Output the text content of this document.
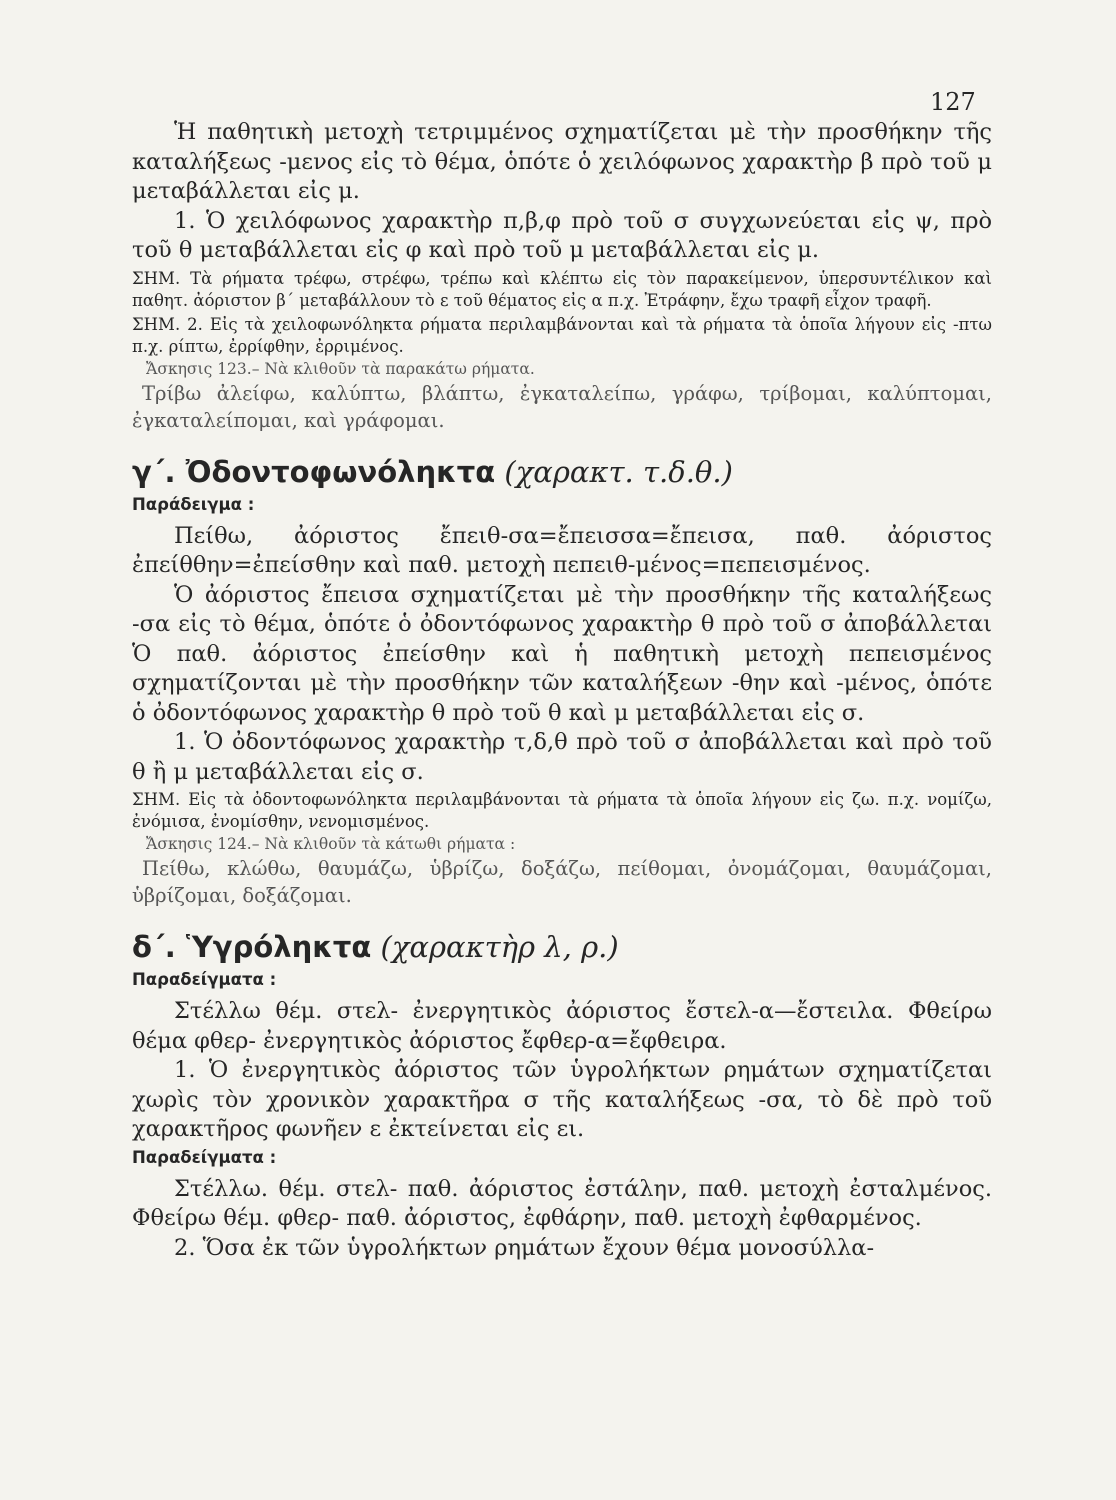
127

Ἡ παθητικὴ μετοχὴ τετριμμένος σχηματίζεται μὲ τὴν προσθήκην τῆς καταλήξεως -μενος εἰς τὸ θέμα, ὁπότε ὁ χειλόφωνος χαρακτὴρ β πρὸ τοῦ μ μεταβάλλεται εἰς μ.

1. Ὁ χειλόφωνος χαρακτὴρ π,β,φ πρὸ τοῦ σ συγχωνεύεται εἰς ψ, πρὸ τοῦ θ μεταβάλλεται εἰς φ καὶ πρὸ τοῦ μ μεταβάλλεται εἰς μ.

ΣΗΜ. Τὰ ρήματα τρέφω, στρέφω, τρέπω καὶ κλέπτω εἰς τὸν παρακείμενον, ὑπερσυντέλικον καὶ παθητ. ἀόριστον β΄ μεταβάλλουν τὸ ε τοῦ θέματος εἰς α π.χ. Ἐτράφην, ἔχω τραφῆ εἶχον τραφῆ.

ΣΗΜ. 2. Εἰς τὰ χειλοφωνόληκτα ρήματα περιλαμβάνονται καὶ τὰ ρήματα τὰ ὁποῖα λήγουν εἰς -πτω π.χ. ρίπτω, ἐρρίφθην, ἐρριμένος.

Ἄσκησις 123.– Νὰ κλιθοῦν τὰ παρακάτω ρήματα.

Τρίβω ἀλείφω, καλύπτω, βλάπτω, ἐγκαταλείπω, γράφω, τρίβομαι, καλύπτομαι, ἐγκαταλείπομαι, καὶ γράφομαι.

γ΄. Ὀδοντοφωνόληκτα (χαρακτ. τ.δ.θ.)
Παράδειγμα :

Πείθω, ἀόριστος ἔπειθ-σα=ἔπεισσα=ἔπεισα, παθ. ἀόριστος ἐπείθθην=ἐπείσθην καὶ παθ. μετοχὴ πεπειθ-μένος=πεπεισμένος.

Ὁ ἀόριστος ἔπεισα σχηματίζεται μὲ τὴν προσθήκην τῆς καταλήξεως -σα εἰς τὸ θέμα, ὁπότε ὁ ὀδοντόφωνος χαρακτὴρ θ πρὸ τοῦ σ ἀποβάλλεται Ὁ παθ. ἀόριστος ἐπείσθην καὶ ἡ παθητικὴ μετοχὴ πεπεισμένος σχηματίζονται μὲ τὴν προσθήκην τῶν καταλήξεων -θην καὶ -μένος, ὁπότε ὁ ὀδοντόφωνος χαρακτὴρ θ πρὸ τοῦ θ καὶ μ μεταβάλλεται εἰς σ.

1. Ὁ ὀδοντόφωνος χαρακτὴρ τ,δ,θ πρὸ τοῦ σ ἀποβάλλεται καὶ πρὸ τοῦ θ ἢ μ μεταβάλλεται εἰς σ.

ΣΗΜ. Εἰς τὰ ὀδοντοφωνόληκτα περιλαμβάνονται τὰ ρήματα τὰ ὁποῖα λήγουν εἰς ζω. π.χ. νομίζω, ἐνόμισα, ἐνομίσθην, νενομισμένος.

Ἄσκησις 124.– Νὰ κλιθοῦν τὰ κάτωθι ρήματα :

Πείθω, κλώθω, θαυμάζω, ὑβρίζω, δοξάζω, πείθομαι, ὀνομάζομαι, θαυμάζομαι, ὑβρίζομαι, δοξάζομαι.

δ΄. Ὑγρόληκτα (χαρακτὴρ λ, ρ.)
Παραδείγματα :

Στέλλω θέμ. στελ- ἐνεργητικὸς ἀόριστος ἔστελ-α—ἔστειλα. Φθείρω θέμα φθερ- ἐνεργητικὸς ἀόριστος ἔφθερ-α=ἔφθειρα.

1. Ὁ ἐνεργητικὸς ἀόριστος τῶν ὑγρολήκτων ρημάτων σχηματίζεται χωρὶς τὸν χρονικὸν χαρακτῆρα σ τῆς καταλήξεως -σα, τὸ δὲ πρὸ τοῦ χαρακτῆρος φωνῆεν ε ἐκτείνεται εἰς ει.

Παραδείγματα :

Στέλλω. θέμ. στελ- παθ. ἀόριστος ἐστάλην, παθ. μετοχὴ ἐσταλμένος. Φθείρω θέμ. φθερ- παθ. ἀόριστος, ἐφθάρην, παθ. μετοχὴ ἐφθαρμένος.

2. Ὅσα ἐκ τῶν ὑγρολήκτων ρημάτων ἔχουν θέμα μονοσύλλα-
